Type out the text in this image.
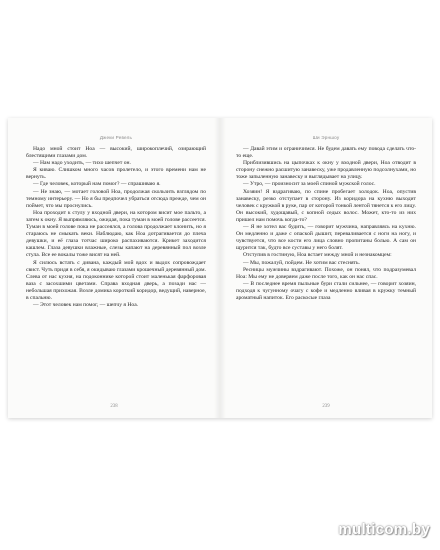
Джеки Ревель

Надо мной стоит Ноа — высокий, широкоплечий, озирающий блестящими глазами дом.

— Нам надо уходить, — тихо шепчет он.

Я киваю. Слишком много часов пролетело, и этого времени нам не вернуть.

— Где человек, который нам помог? — спрашиваю я.

— Не знаю, — мотает головой Ноа, продолжая скользить взглядом по темному интерьеру. — Но я бы предпочел убраться отсюда прежде, чем он поймет, что мы проснулись.

Ноа проходит к стулу у входной двери, на котором висит мое пальто, а затем к окну. Я выпрямляюсь, ожидая, пока туман в моей голове рассеется. Туман в моей голове пока не рассеялся, а голова продолжает клонить, но я стараюсь не смыкать веки. Наблюдаю, как Ноа дотрагивается до плеча девушки, и её глаза тотчас широко распахиваются. Крикет заходится кашлем. Глаза девушки влажные, слезы капают на деревянный пол возле стула. Все ее вокалы тоже висят на ней.

Я силюсь встать с дивана, каждый мой вдох и выдох сопровождает свист. Чуть придя в себя, я окидываю глазами крошечный деревянный дом. Слева от нас кухня, на подоконнике которой стоит маленькая фарфоровая ваза с засохшими цветами. Справа входная дверь, а позади нас — небольшая прихожая. Возле домика короткий коридор, ведущий, наверное, в спальню.

— Этот человек нам помог, — шепчу я Ноа.

238
Ши Эрншоу

— Давай этим и ограничимся. Не будем давать ему повода сделать что-то еще.

Приблизившись на цыпочках к окну у входной двери, Ноа отводит в сторону снежно расшитую занавеску, уже продавленную подсолнухами, но тоже запыленную занавеску и выглядывает на улицу.

— Утро, — произносит за моей спиной мужской голос.

Хозяин! Я вздрагиваю, по спине пробегает холодок. Ноа, опустив занавеску, резко отступает в сторону. Из коридора на кухню выходит человек с кружкой в руке, пар от которой тонкой лентой тянется к его лицу. Он высокий, худощавый, с копной седых волос. Может, кто-то из них пришел нам помочь когда-то?

— Я не хотел вас будить, — говорит мужчина, направляясь на кухню. Он медленно и даже с опаской дышит, переваливается с ноги на ногу, и чувствуется, что все кости его лица словно пропитаны болью. А сам он щурится так, будто все суставы у него болят.

Отступив в гостиную, Ноа встает между мной и незнакомцем:

— Мы, пожалуй, пойдем. Не хотим вас стеснять.

Ресницы мужчины вздрагивают. Похоже, он понял, что подразумевал Ноа: Мы ему не доверяем даже после того, как он нас спас.

— В последнее время пыльные бури стали сильнее, — говорит хозяин, подходя к чугунному очагу с кофе и медленно вливая в кружку темный ароматный напиток. Его раскосые глаза

239
multicom.by
